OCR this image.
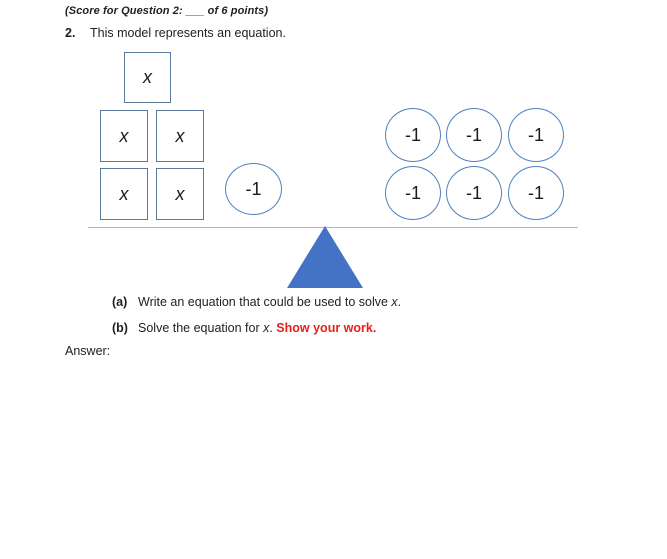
(Score for Question 2: ___ of 6 points)
2. This model represents an equation.
x
x	x
x	x	-1
-1	-1	-1
-1	-1	-1
(a) Write an equation that could be used to solve x.
(b) Solve the equation for x. Show your work.
Answer:
